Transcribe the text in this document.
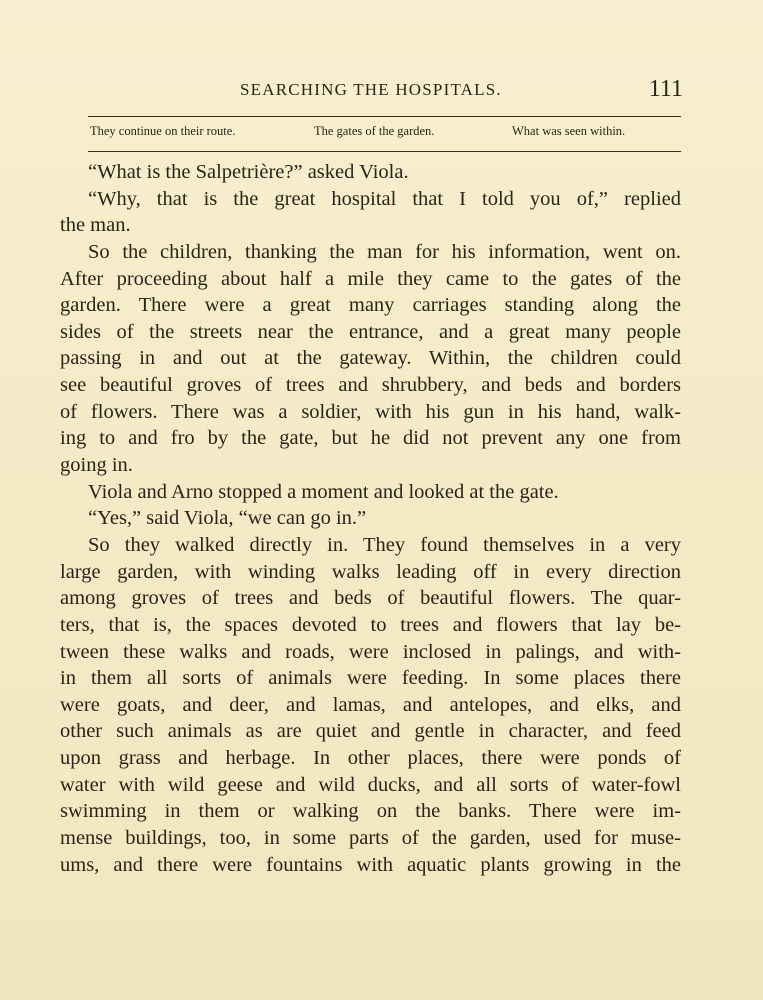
SEARCHING THE HOSPITALS.	111
They continue on their route.	The gates of the garden.	What was seen within.
“What is the Salpetrière?” asked Viola.
“Why, that is the great hospital that I told you of,” replied
the man.
So the children, thanking the man for his information, went on.
After proceeding about half a mile they came to the gates of the
garden. There were a great many carriages standing along the
sides of the streets near the entrance, and a great many people
passing in and out at the gateway. Within, the children could
see beautiful groves of trees and shrubbery, and beds and borders
of flowers. There was a soldier, with his gun in his hand, walk-
ing to and fro by the gate, but he did not prevent any one from
going in.
Viola and Arno stopped a moment and looked at the gate.
“Yes,” said Viola, “we can go in.”
So they walked directly in. They found themselves in a very
large garden, with winding walks leading off in every direction
among groves of trees and beds of beautiful flowers. The quar-
ters, that is, the spaces devoted to trees and flowers that lay be-
tween these walks and roads, were inclosed in palings, and with-
in them all sorts of animals were feeding. In some places there
were goats, and deer, and lamas, and antelopes, and elks, and
other such animals as are quiet and gentle in character, and feed
upon grass and herbage. In other places, there were ponds of
water with wild geese and wild ducks, and all sorts of water-fowl
swimming in them or walking on the banks. There were im-
mense buildings, too, in some parts of the garden, used for muse-
ums, and there were fountains with aquatic plants growing in the
